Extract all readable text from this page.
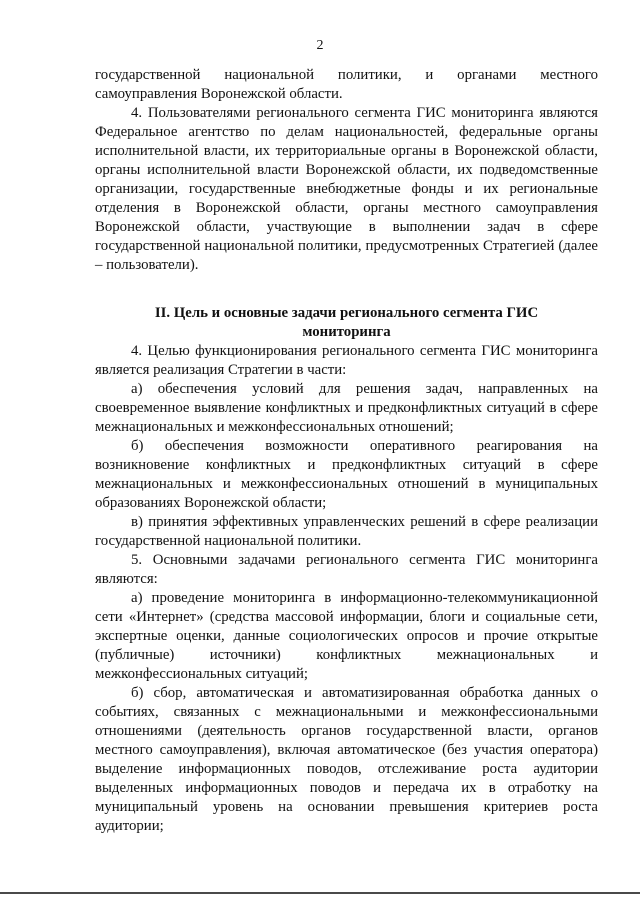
2

государственной национальной политики, и органами местного самоуправления Воронежской области.

4. Пользователями регионального сегмента ГИС мониторинга являются Федеральное агентство по делам национальностей, федеральные органы исполнительной власти, их территориальные органы в Воронежской области, органы исполнительной власти Воронежской области, их подведомственные организации, государственные внебюджетные фонды и их региональные отделения в Воронежской области, органы местного самоуправления Воронежской области, участвующие в выполнении задач в сфере государственной национальной политики, предусмотренных Стратегией (далее – пользователи).

II. Цель и основные задачи регионального сегмента ГИС
мониторинга

4. Целью функционирования регионального сегмента ГИС мониторинга является реализация Стратегии в части:

а) обеспечения условий для решения задач, направленных на своевременное выявление конфликтных и предконфликтных ситуаций в сфере межнациональных и межконфессиональных отношений;

б) обеспечения возможности оперативного реагирования на возникновение конфликтных и предконфликтных ситуаций в сфере межнациональных и межконфессиональных отношений в муниципальных образованиях Воронежской области;

в) принятия эффективных управленческих решений в сфере реализации государственной национальной политики.

5. Основными задачами регионального сегмента ГИС мониторинга являются:

а) проведение мониторинга в информационно-телекоммуникационной сети «Интернет» (средства массовой информации, блоги и социальные сети, экспертные оценки, данные социологических опросов и прочие открытые (публичные) источники) конфликтных межнациональных и межконфессиональных ситуаций;

б) сбор, автоматическая и автоматизированная обработка данных о событиях, связанных с межнациональными и межконфессиональными отношениями (деятельность органов государственной власти, органов местного самоуправления), включая автоматическое (без участия оператора) выделение информационных поводов, отслеживание роста аудитории выделенных информационных поводов и передача их в отработку на муниципальный уровень на основании превышения критериев роста аудитории;
